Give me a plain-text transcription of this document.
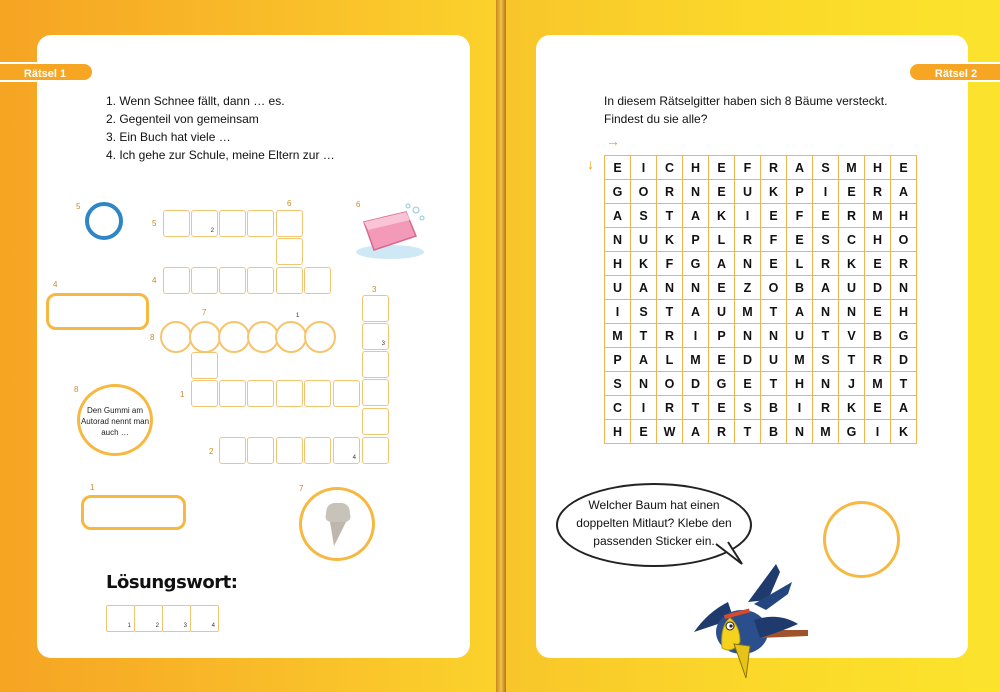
Rätsel 1
1. Wenn Schnee fällt, dann … es.
2. Gegenteil von gemeinsam
3. Ein Buch hat viele …
4. Ich gehe zur Schule, meine Eltern zur …
5	6
5
2
6
4
4
3
3
8
7	1
1
2
4
8
Den Gummi am Autorad nennt man auch …
1	7
Lösungswort:
1	2	3	4
Rätsel 2
In diesem Rätselgitter haben sich 8 Bäume versteckt.
Findest du sie alle?
→
↓ E	I	C	H	E	F	R	A	S	M	H	E
G	O	R	N	E	U	K	P	I	E	R	A
A	S	T	A	K	I	E	F	E	R	M	H
N	U	K	P	L	R	F	E	S	C	H	O
H	K	F	G	A	N	E	L	R	K	E	R
U	A	N	N	E	Z	O	B	A	U	D	N
I	S	T	A	U	M	T	A	N	N	E	H
M	T	R	I	P	N	N	U	T	V	B	G
P	A	L	M	E	D	U	M	S	T	R	D
S	N	O	D	G	E	T	H	N	J	M	T
C	I	R	T	E	S	B	I	R	K	E	A
H	E	W	A	R	T	B	N	M	G	I	K
Welcher Baum hat einen
doppelten Mitlaut? Klebe den
passenden Sticker ein.
